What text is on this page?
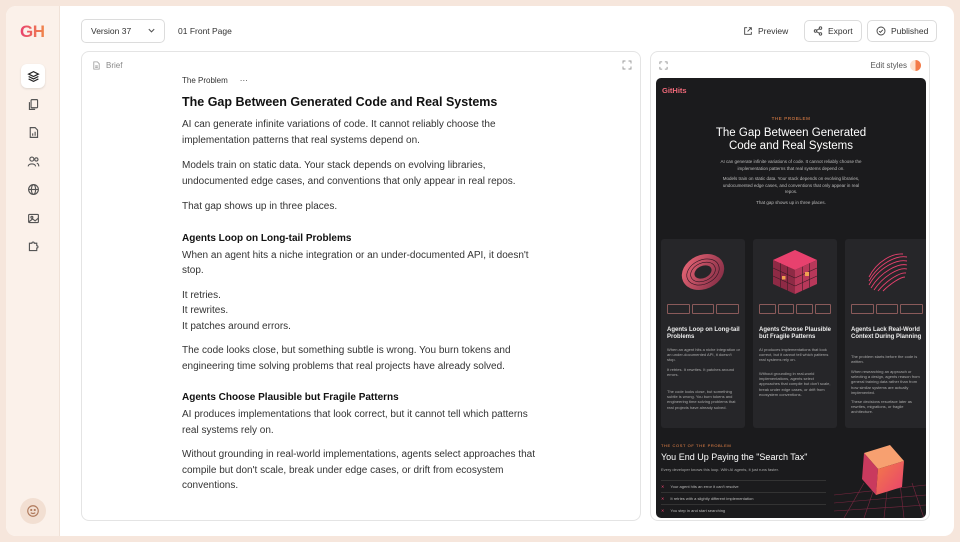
GH	Version 37	01 Front Page	Preview	Export	Published
Brief
The Problem ···
The Gap Between Generated Code and Real Systems

AI can generate infinite variations of code. It cannot reliably choose the implementation patterns that real systems depend on.

Models train on static data. Your stack depends on evolving libraries, undocumented edge cases, and conventions that only appear in real repos.

That gap shows up in three places.

Agents Loop on Long-tail Problems

When an agent hits a niche integration or an under-documented API, it doesn't stop.

It retries.

It rewrites.

It patches around errors.

The code looks close, but something subtle is wrong. You burn tokens and engineering time solving problems that real projects have already solved.

Agents Choose Plausible but Fragile Patterns

AI produces implementations that look correct, but it cannot tell which patterns real systems rely on.

Without grounding in real-world implementations, agents select approaches that compile but don't scale, break under edge cases, or drift from ecosystem conventions.

Edit styles
GitHits
THE PROBLEM
The Gap Between Generated Code and Real Systems

AI can generate infinite variations of code. It cannot reliably choose the implementation patterns that real systems depend on.

Models train on static data. Your stack depends on evolving libraries, undocumented edge cases, and conventions that only appear in real repos.

That gap shows up in three places.

Agents Loop on Long-tail Problems
When an agent hits a niche integration or an under-documented API, it doesn't stop.
It retries. It rewrites. It patches around errors.
The code looks close, but something subtle is wrong. You burn tokens and engineering time solving problems that real projects have already solved.
Agents Choose Plausible but Fragile Patterns
AI produces implementations that look correct, but it cannot tell which patterns real systems rely on.
Without grounding in real-world implementations, agents select approaches that compile but don't scale, break under edge cases, or drift from ecosystem conventions.
Agents Lack Real-World Context During Planning
The problem starts before the code is written.
When researching an approach or selecting a design, agents reason from general training data rather than from how similar systems are actually implemented.
These decisions resurface later as rewrites, migrations, or fragile architecture.
THE COST OF THE PROBLEM
You End Up Paying the "Search Tax"
Every developer knows this loop. With AI agents, it just runs faster.
✕ Your agent hits an error it can't resolve
✕ It retries with a slightly different implementation
✕ You step in and start searching
